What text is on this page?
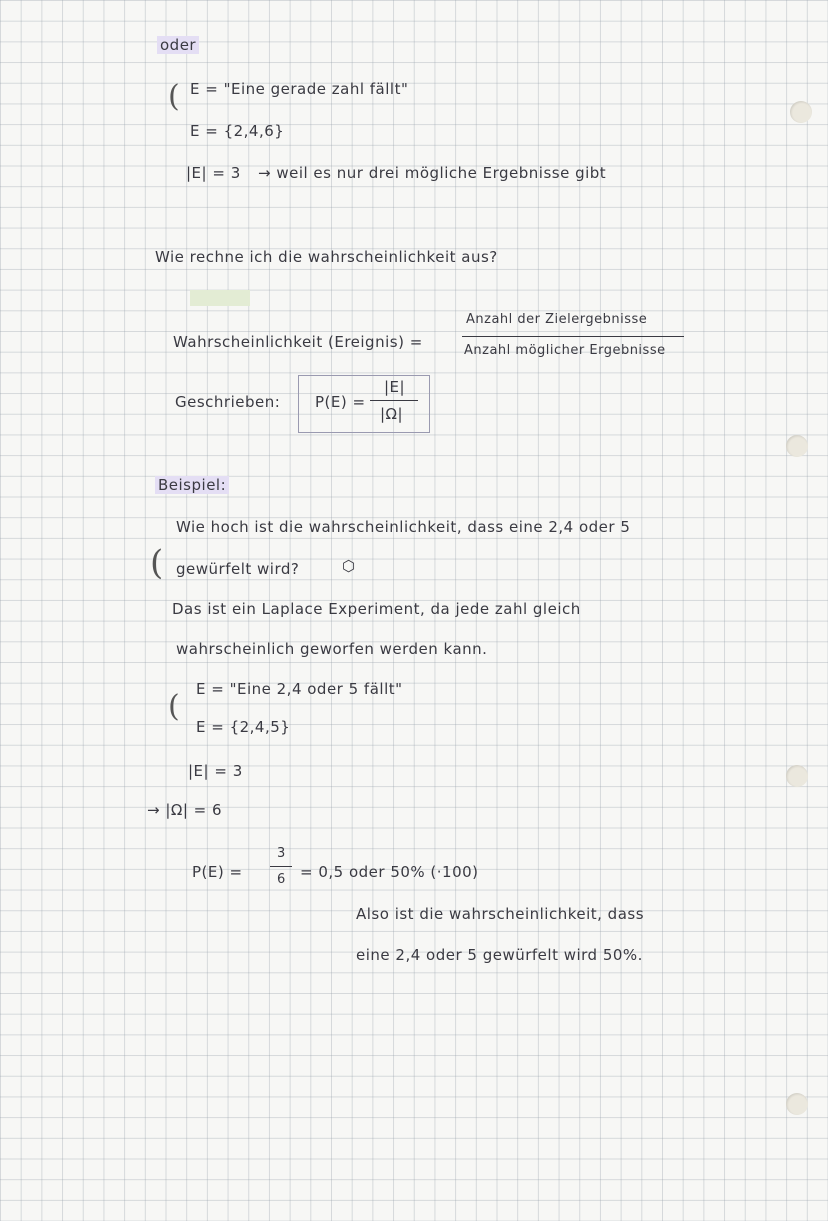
oder
( E = "Eine gerade zahl fällt"
E = {2,4,6}
|E| = 3 → weil es nur drei mögliche Ergebnisse gibt
Wie rechne ich die wahrscheinlichkeit aus?
Wahrscheinlichkeit (Ereignis) =
Anzahl der Zielergebnisse
Anzahl möglicher Ergebnisse
Geschrieben: P(E) =
|E|
|Ω|
Beispiel:
Wie hoch ist die wahrscheinlichkeit, dass eine 2,4 oder 5
( gewürfelt wird?	⬡
Das ist ein Laplace Experiment, da jede zahl gleich
wahrscheinlich geworfen werden kann.
( E = "Eine 2,4 oder 5 fällt"
E = {2,4,5}
|E| = 3
→ |Ω| = 6
P(E) =
3
6 = 0,5 oder 50% (·100)
Also ist die wahrscheinlichkeit, dass
eine 2,4 oder 5 gewürfelt wird 50%.
